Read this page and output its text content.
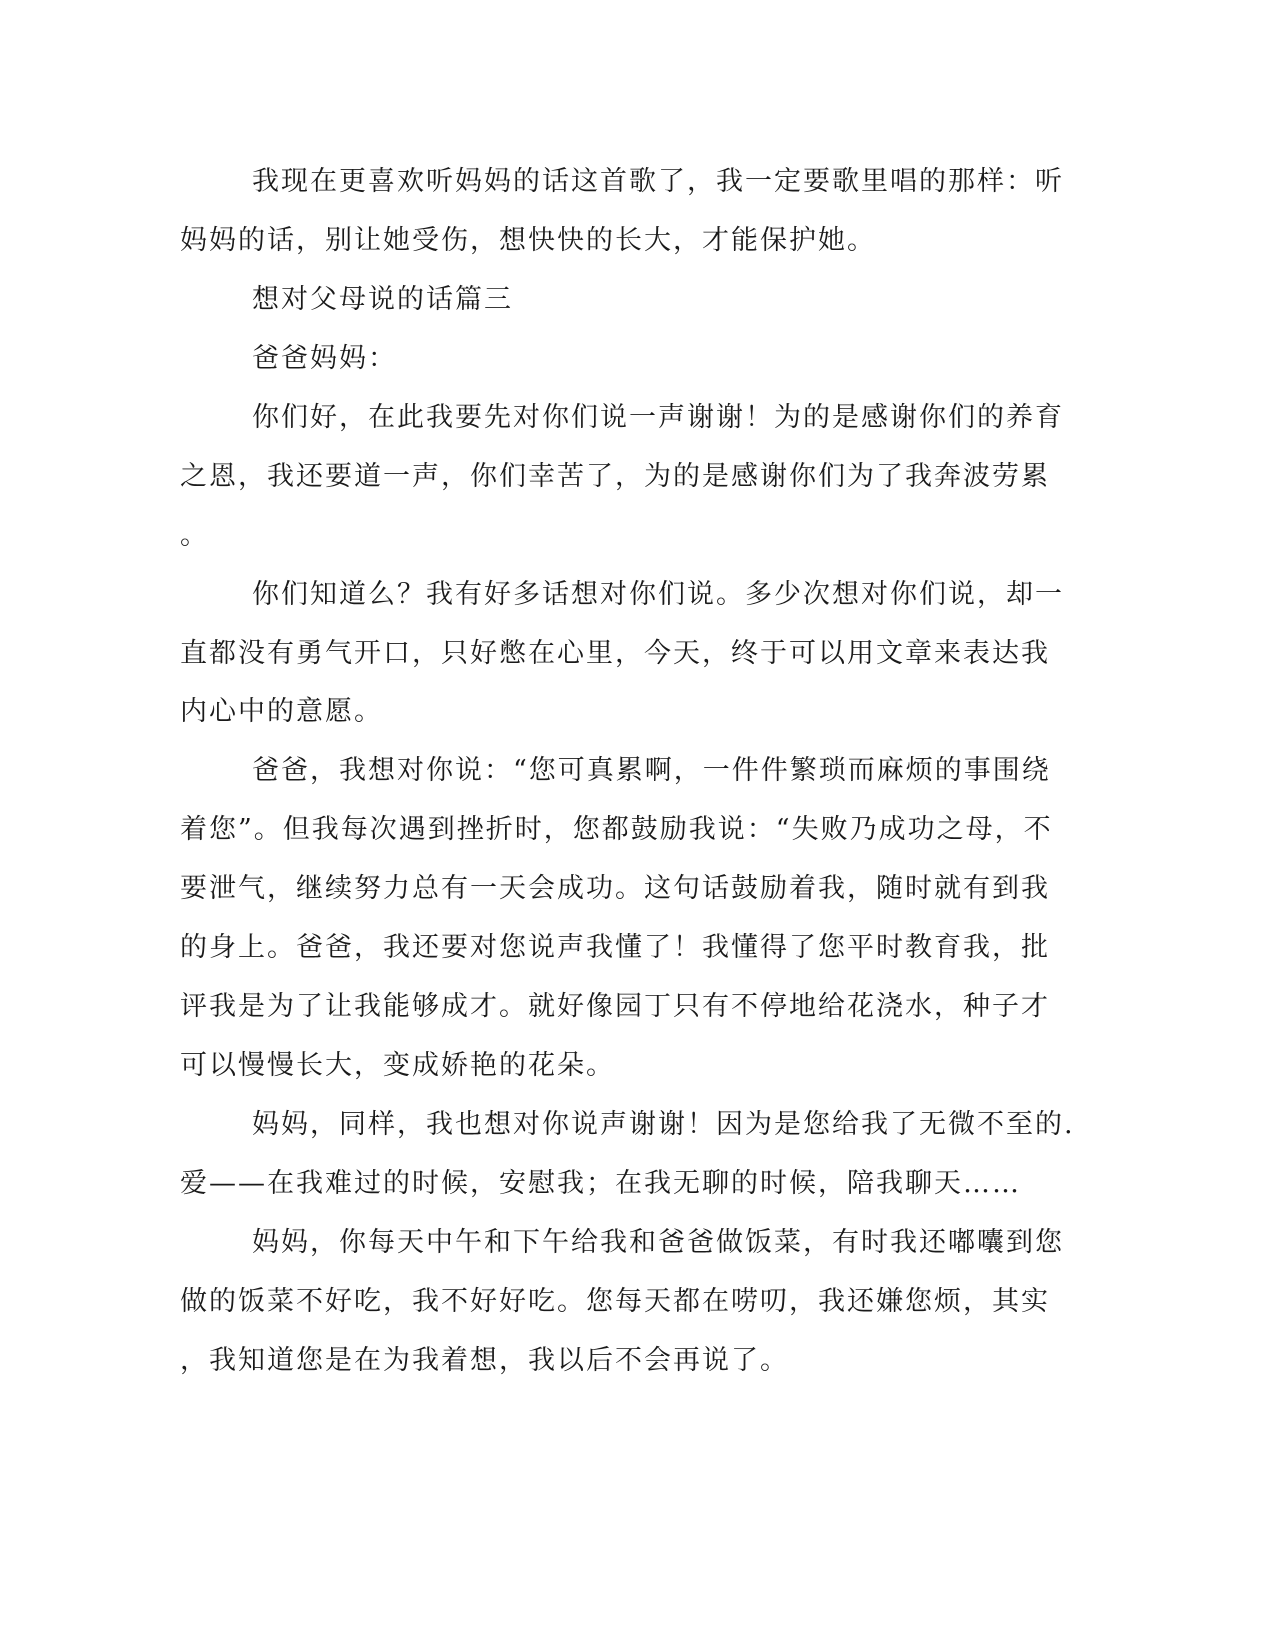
我现在更喜欢听妈妈的话这首歌了，我一定要歌里唱的那样：听
妈妈的话，别让她受伤，想快快的长大，才能保护她。
想对父母说的话篇三
爸爸妈妈：
你们好，在此我要先对你们说一声谢谢！为的是感谢你们的养育
之恩，我还要道一声，你们幸苦了，为的是感谢你们为了我奔波劳累
。
你们知道么？我有好多话想对你们说。多少次想对你们说，却一
直都没有勇气开口，只好憋在心里，今天，终于可以用文章来表达我
内心中的意愿。
爸爸，我想对你说：“您可真累啊，一件件繁琐而麻烦的事围绕
着您”。但我每次遇到挫折时，您都鼓励我说：“失败乃成功之母，不
要泄气，继续努力总有一天会成功。这句话鼓励着我，随时就有到我
的身上。爸爸，我还要对您说声我懂了！我懂得了您平时教育我，批
评我是为了让我能够成才。就好像园丁只有不停地给花浇水，种子才
可以慢慢长大，变成娇艳的花朵。
妈妈，同样，我也想对你说声谢谢！因为是您给我了无微不至的.
爱——在我难过的时候，安慰我；在我无聊的时候，陪我聊天……
妈妈，你每天中午和下午给我和爸爸做饭菜，有时我还嘟囔到您
做的饭菜不好吃，我不好好吃。您每天都在唠叨，我还嫌您烦，其实
，我知道您是在为我着想，我以后不会再说了。
